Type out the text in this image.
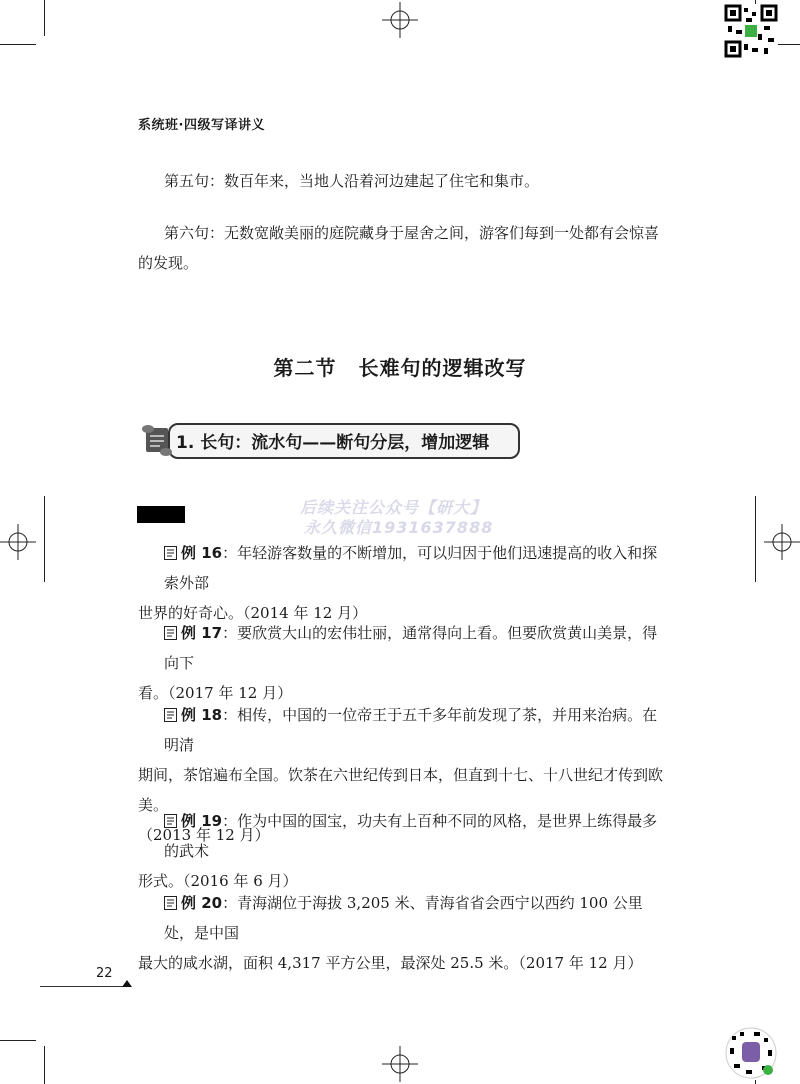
系统班·四级写译讲义
第五句：数百年来，当地人沿着河边建起了住宅和集市。
第六句：无数宽敞美丽的庭院藏身于屋舍之间，游客们每到一处都有会惊喜的发现。
第二节 长难句的逻辑改写
1. 长句：流水句——断句分层，增加逻辑
后续关注公众号【研大】
永久微信1931637888
例 16：年轻游客数量的不断增加，可以归因于他们迅速提高的收入和探索外部
世界的好奇心。（2014 年 12 月）
例 17：要欣赏大山的宏伟壮丽，通常得向上看。但要欣赏黄山美景，得向下
看。（2017 年 12 月）
例 18：相传，中国的一位帝王于五千多年前发现了茶，并用来治病。在明清
期间，茶馆遍布全国。饮茶在六世纪传到日本，但直到十七、十八世纪才传到欧美。
（2013 年 12 月）
例 19：作为中国的国宝，功夫有上百种不同的风格，是世界上练得最多的武术
形式。（2016 年 6 月）
例 20：青海湖位于海拔 3,205 米、青海省省会西宁以西约 100 公里处，是中国
最大的咸水湖，面积 4,317 平方公里，最深处 25.5 米。（2017 年 12 月）
22
